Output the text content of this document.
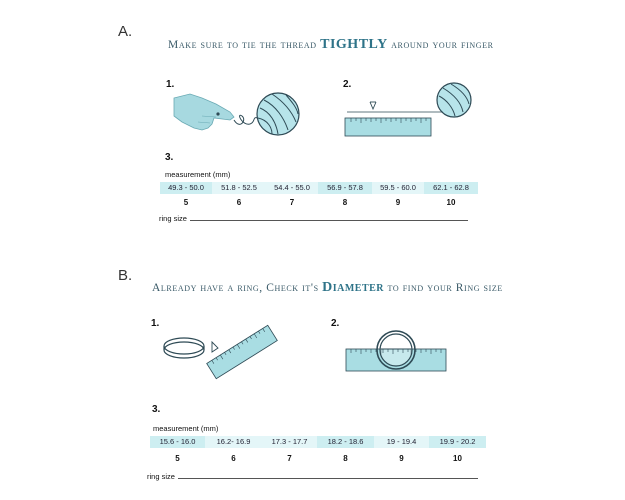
A.
Make sure to tie the thread TIGHTLY around your finger
1.	2.
3.
measurement (mm)
49.3 - 50.0	51.8 - 52.5	54.4 - 55.0	56.9 - 57.8	59.5 - 60.0	62.1 - 62.8
5	6	7	8	9	10
ring size
B.
Already have a ring, Check it's Diameter to find your Ring size
1.	2.
3.
measurement (mm)
15.6 - 16.0	16.2- 16.9	17.3 - 17.7	18.2 - 18.6	19 - 19.4	19.9 - 20.2
5	6	7	8	9	10
ring size
